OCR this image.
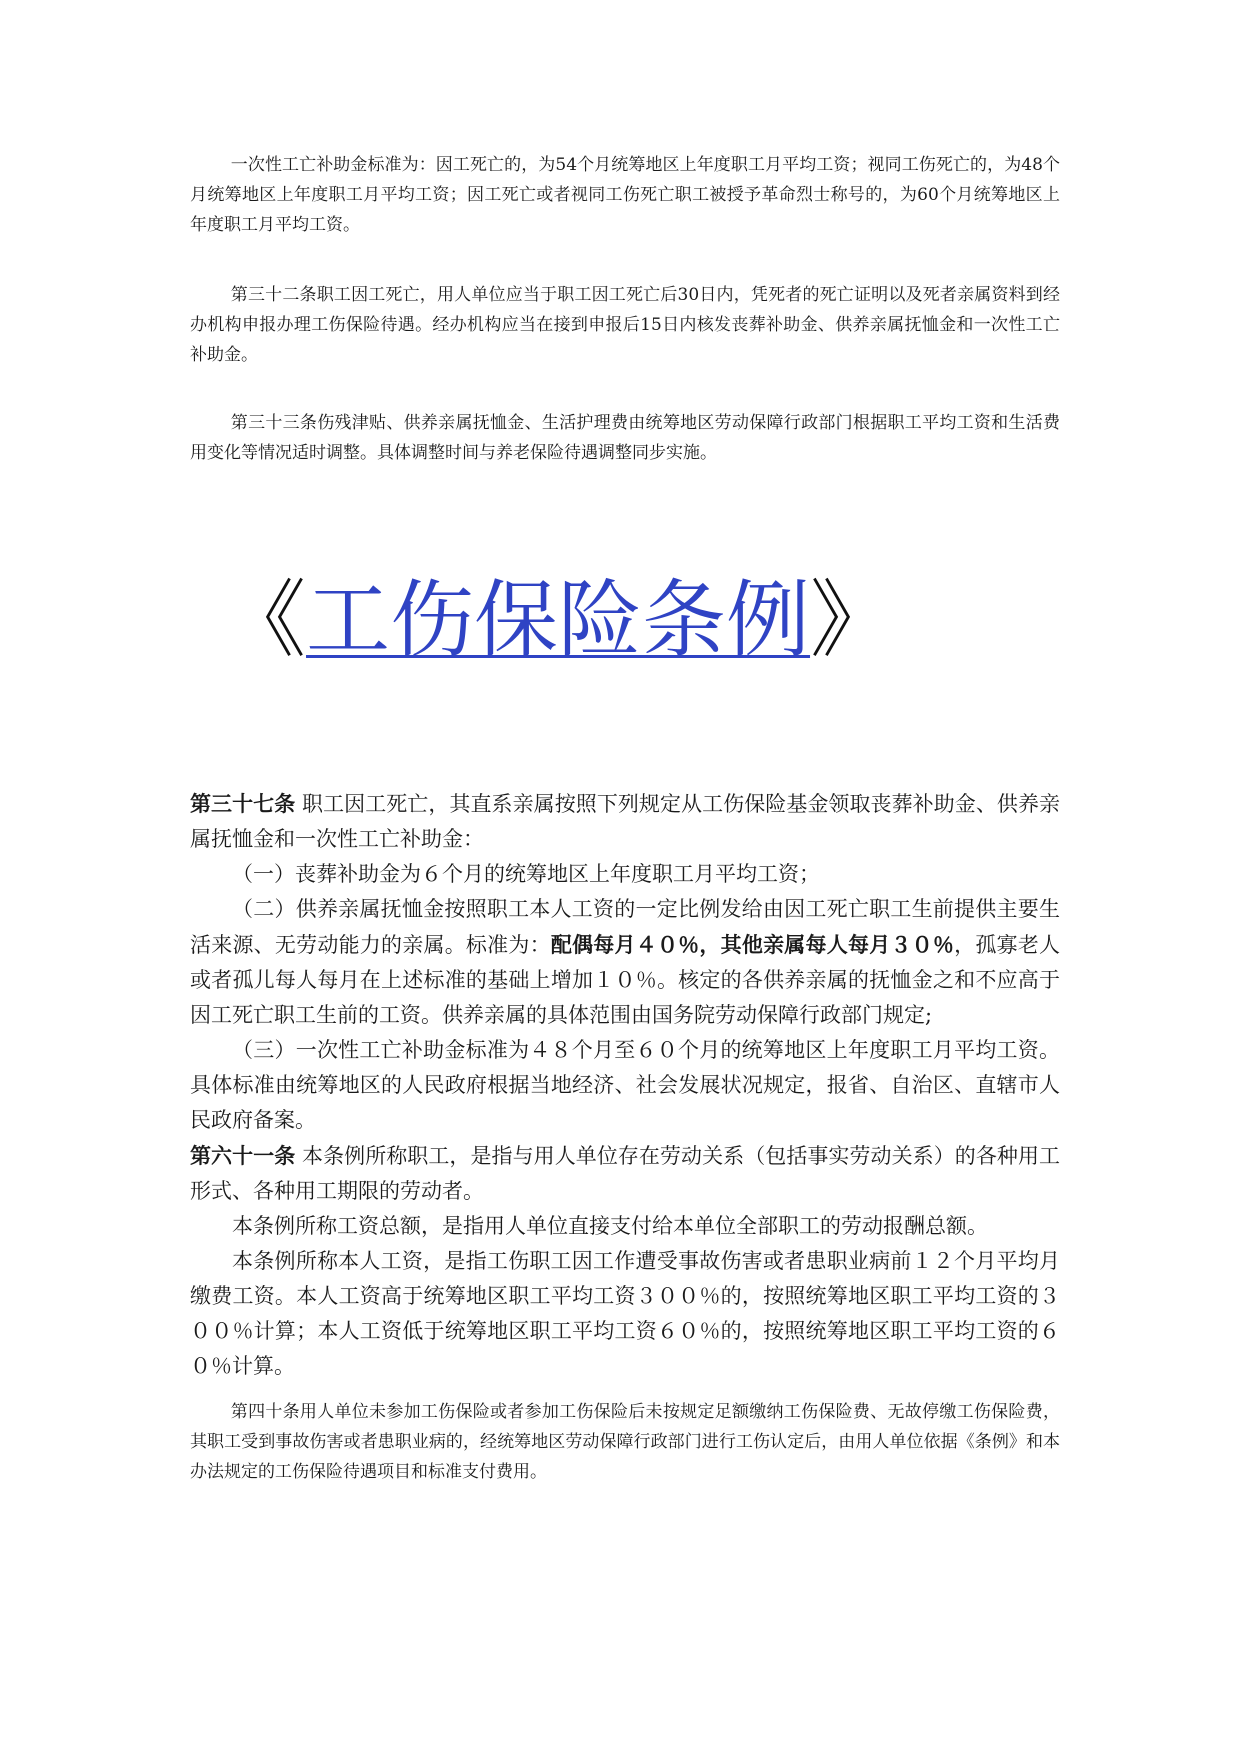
一次性工亡补助金标准为：因工死亡的，为54个月统筹地区上年度职工月平均工资；视同工伤死亡的，为48个月统筹地区上年度职工月平均工资；因工死亡或者视同工伤死亡职工被授予革命烈士称号的，为60个月统筹地区上年度职工月平均工资。

第三十二条职工因工死亡，用人单位应当于职工因工死亡后30日内，凭死者的死亡证明以及死者亲属资料到经办机构申报办理工伤保险待遇。经办机构应当在接到申报后15日内核发丧葬补助金、供养亲属抚恤金和一次性工亡补助金。

第三十三条伤残津贴、供养亲属抚恤金、生活护理费由统筹地区劳动保障行政部门根据职工平均工资和生活费用变化等情况适时调整。具体调整时间与养老保险待遇调整同步实施。

《工伤保险条例》

第三十七条 职工因工死亡，其直系亲属按照下列规定从工伤保险基金领取丧葬补助金、供养亲属抚恤金和一次性工亡补助金：

（一）丧葬补助金为６个月的统筹地区上年度职工月平均工资；

（二）供养亲属抚恤金按照职工本人工资的一定比例发给由因工死亡职工生前提供主要生活来源、无劳动能力的亲属。标准为：配偶每月４０％，其他亲属每人每月３０％，孤寡老人或者孤儿每人每月在上述标准的基础上增加１０％。核定的各供养亲属的抚恤金之和不应高于因工死亡职工生前的工资。供养亲属的具体范围由国务院劳动保障行政部门规定;

（三）一次性工亡补助金标准为４８个月至６０个月的统筹地区上年度职工月平均工资。具体标准由统筹地区的人民政府根据当地经济、社会发展状况规定，报省、自治区、直辖市人民政府备案。

第六十一条 本条例所称职工，是指与用人单位存在劳动关系（包括事实劳动关系）的各种用工形式、各种用工期限的劳动者。

本条例所称工资总额，是指用人单位直接支付给本单位全部职工的劳动报酬总额。

本条例所称本人工资，是指工伤职工因工作遭受事故伤害或者患职业病前１２个月平均月缴费工资。本人工资高于统筹地区职工平均工资３００％的，按照统筹地区职工平均工资的３００％计算；本人工资低于统筹地区职工平均工资６０％的，按照统筹地区职工平均工资的６０％计算。

第四十条用人单位未参加工伤保险或者参加工伤保险后未按规定足额缴纳工伤保险费、无故停缴工伤保险费，其职工受到事故伤害或者患职业病的，经统筹地区劳动保障行政部门进行工伤认定后，由用人单位依据《条例》和本办法规定的工伤保险待遇项目和标准支付费用。
